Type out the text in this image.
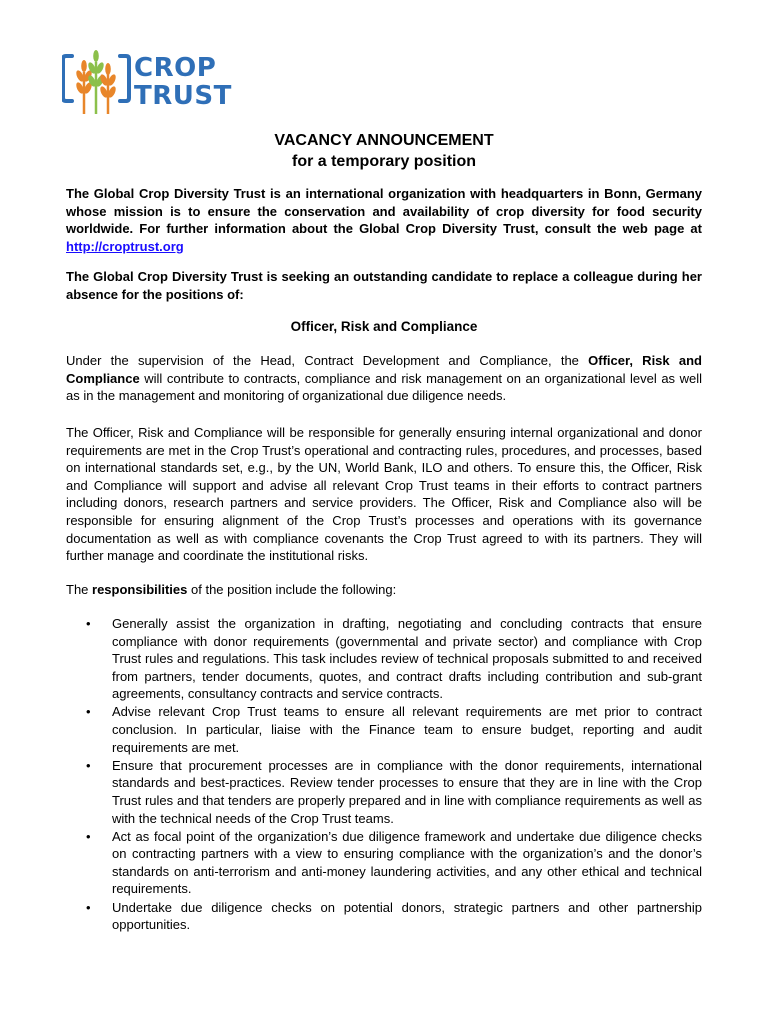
CROP
TRUST
VACANCY ANNOUNCEMENT
for a temporary position

The Global Crop Diversity Trust is an international organization with headquarters in Bonn, Germany whose mission is to ensure the conservation and availability of crop diversity for food security worldwide. For further information about the Global Crop Diversity Trust, consult the web page at http://croptrust.org

The Global Crop Diversity Trust is seeking an outstanding candidate to replace a colleague during her absence for the positions of:

Officer, Risk and Compliance

Under the supervision of the Head, Contract Development and Compliance, the Officer, Risk and Compliance will contribute to contracts, compliance and risk management on an organizational level as well as in the management and monitoring of organizational due diligence needs.

The Officer, Risk and Compliance will be responsible for generally ensuring internal organizational and donor requirements are met in the Crop Trust’s operational and contracting rules, procedures, and processes, based on international standards set, e.g., by the UN, World Bank, ILO and others. To ensure this, the Officer, Risk and Compliance will support and advise all relevant Crop Trust teams in their efforts to contract partners including donors, research partners and service providers. The Officer, Risk and Compliance also will be responsible for ensuring alignment of the Crop Trust’s processes and operations with its governance documentation as well as with compliance covenants the Crop Trust agreed to with its partners. They will further manage and coordinate the institutional risks.

The responsibilities of the position include the following:

• Generally assist the organization in drafting, negotiating and concluding contracts that ensure compliance with donor requirements (governmental and private sector) and compliance with Crop Trust rules and regulations. This task includes review of technical proposals submitted to and received from partners, tender documents, quotes, and contract drafts including contribution and sub-grant agreements, consultancy contracts and service contracts.
• Advise relevant Crop Trust teams to ensure all relevant requirements are met prior to contract conclusion. In particular, liaise with the Finance team to ensure budget, reporting and audit requirements are met.
• Ensure that procurement processes are in compliance with the donor requirements, international standards and best-practices. Review tender processes to ensure that they are in line with the Crop Trust rules and that tenders are properly prepared and in line with compliance requirements as well as with the technical needs of the Crop Trust teams.
• Act as focal point of the organization’s due diligence framework and undertake due diligence checks on contracting partners with a view to ensuring compliance with the organization’s and the donor’s standards on anti-terrorism and anti-money laundering activities, and any other ethical and technical requirements.
• Undertake due diligence checks on potential donors, strategic partners and other partnership opportunities.
